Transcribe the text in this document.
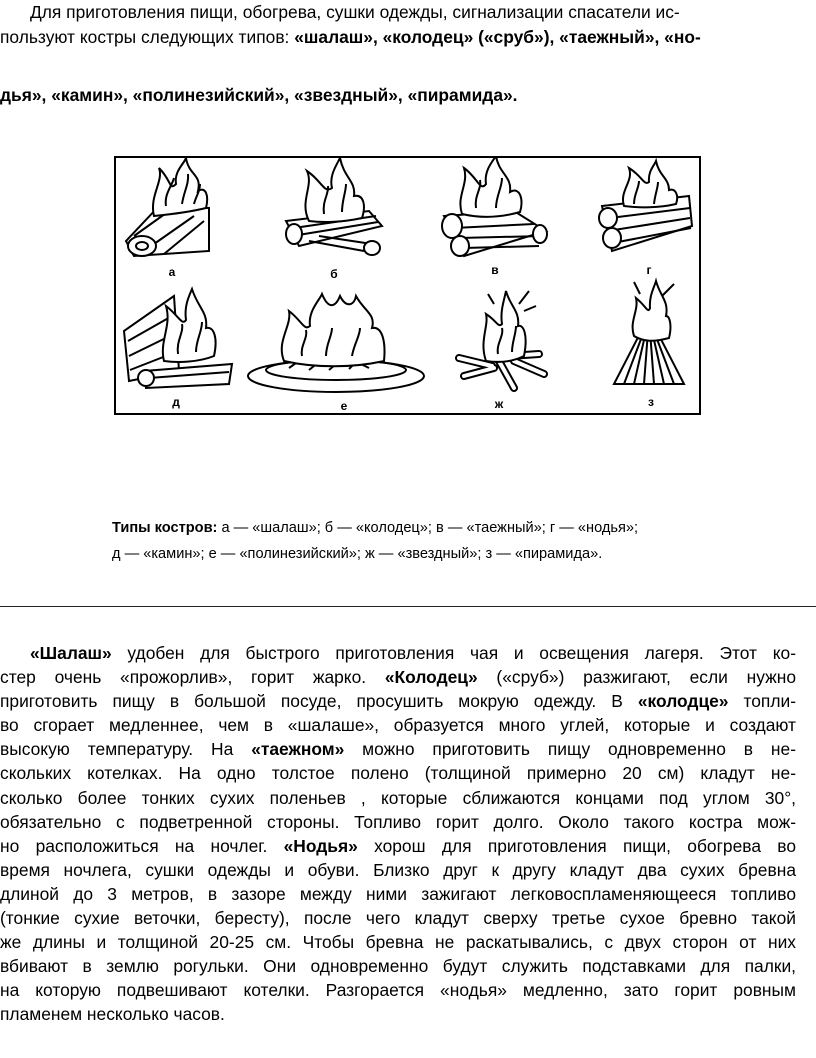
Для приготовления пищи, обогрева, сушки одежды, сигнализации спасатели ис-
пользуют костры следующих типов: «шалаш», «колодец» («сруб»), «таежный», «но-
дья», «камин», «полинезийский», «звездный», «пирамида».
а	б	в	г
д	е	ж	з
Типы костров: а — «шалаш»; б — «колодец»; в — «таежный»; г — «нодья»;
д — «камин»; е — «полинезийский»; ж — «звездный»; з — «пирамида».
«Шалаш» удобен для быстрого приготовления чая и освещения лагеря. Этот ко-
стер очень «прожорлив», горит жарко. «Колодец» («сруб») разжигают, если нужно
приготовить пищу в большой посуде, просушить мокрую одежду. В «колодце» топли-
во сгорает медленнее, чем в «шалаше», образуется много углей, которые и создают
высокую температуру. На «таежном» можно приготовить пищу одновременно в не-
скольких котелках. На одно толстое полено (толщиной примерно 20 см) кладут не-
сколько более тонких сухих поленьев , которые сближаются концами под углом 30°,
обязательно с подветренной стороны. Топливо горит долго. Около такого костра мож-
но расположиться на ночлег. «Нодья» хорош для приготовления пищи, обогрева во
время ночлега, сушки одежды и обуви. Близко друг к другу кладут два сухих бревна
длиной до 3 метров, в зазоре между ними зажигают легковоспламеняющееся топливо
(тонкие сухие веточки, бересту), после чего кладут сверху третье сухое бревно такой
же длины и толщиной 20-25 см. Чтобы бревна не раскатывались, с двух сторон от них
вбивают в землю рогульки. Они одновременно будут служить подставками для палки,
на которую подвешивают котелки. Разгорается «нодья» медленно, зато горит ровным
пламенем несколько часов.
